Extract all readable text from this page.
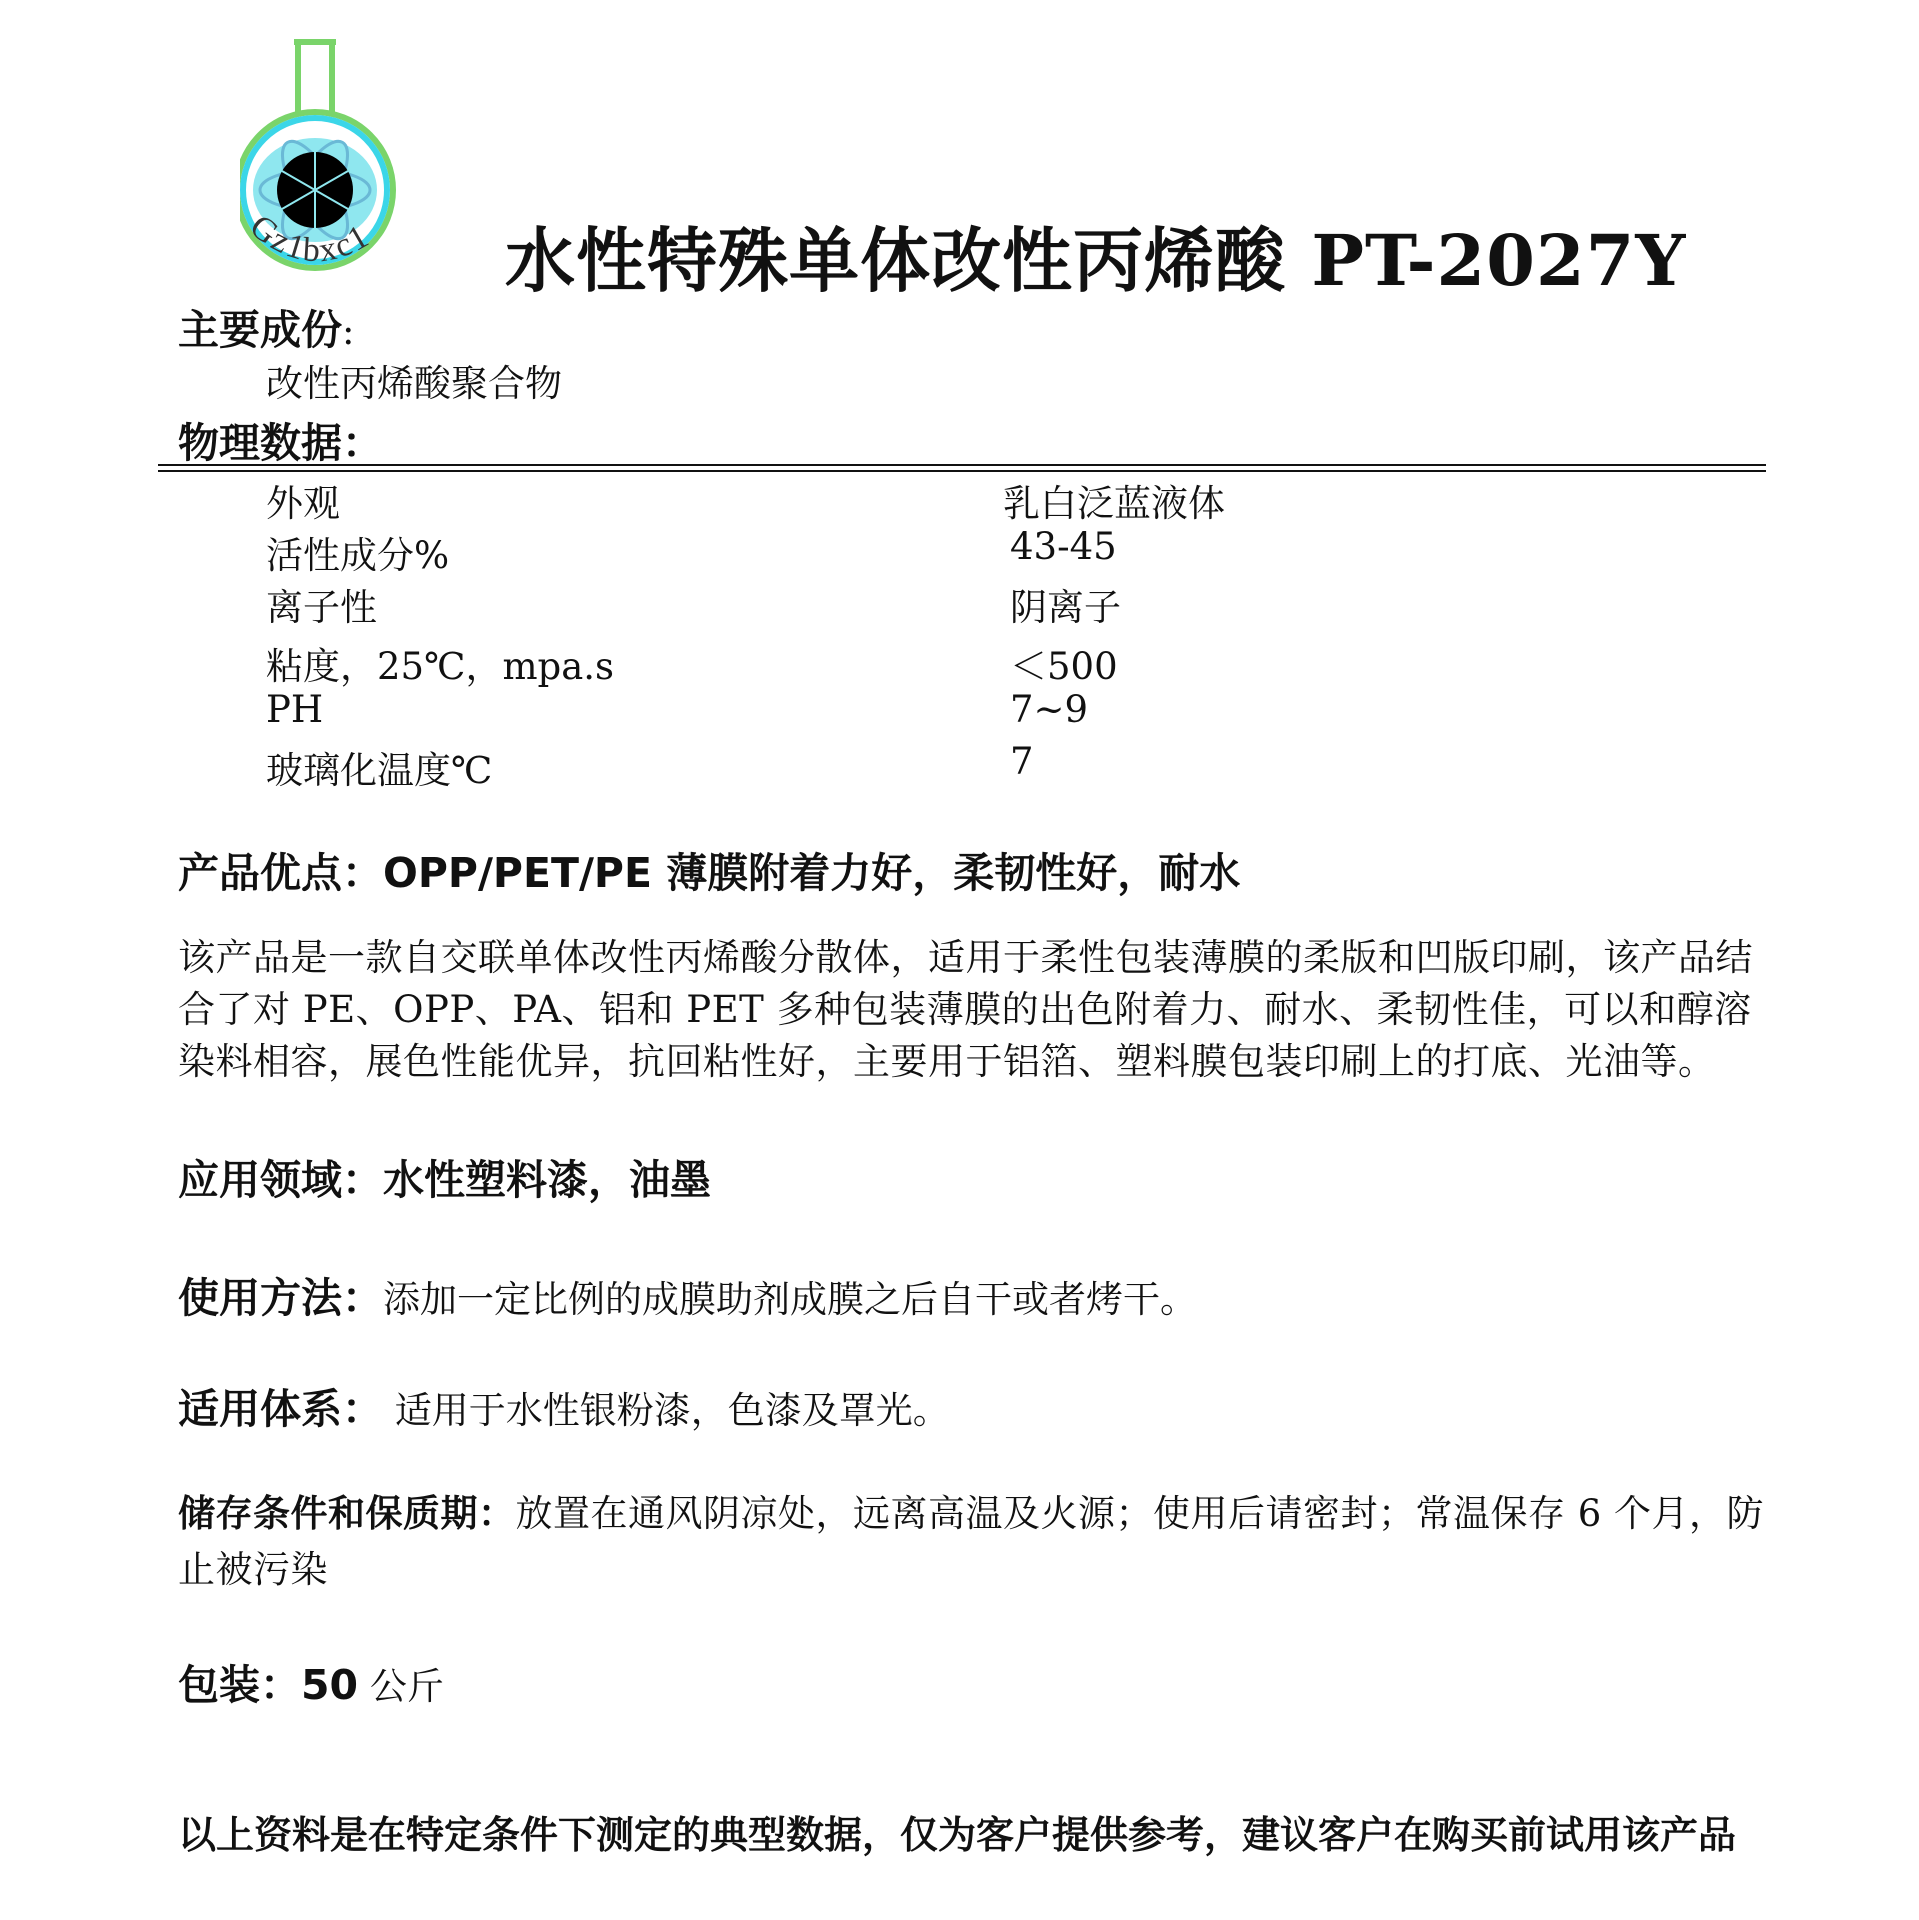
Gz1bxc1 水性特殊单体改性丙烯酸 PT-2027Y
主要成份:
改性丙烯酸聚合物
物理数据：
外观	乳白泛蓝液体
活性成分%	43-45
离子性	阴离子
粘度，25℃，mpa.s	＜500
PH	7~9
玻璃化温度℃	7
产品优点：OPP/PET/PE 薄膜附着力好，柔韧性好，耐水
该产品是一款自交联单体改性丙烯酸分散体，适用于柔性包装薄膜的柔版和凹版印刷，该产品结合了对 PE、OPP、PA、铝和 PET 多种包装薄膜的出色附着力、耐水、柔韧性佳，可以和醇溶染料相容，展色性能优异，抗回粘性好，主要用于铝箔、塑料膜包装印刷上的打底、光油等。
应用领域：水性塑料漆，油墨
使用方法：添加一定比例的成膜助剂成膜之后自干或者烤干。
适用体系： 适用于水性银粉漆，色漆及罩光。
储存条件和保质期：放置在通风阴凉处，远离高温及火源；使用后请密封；常温保存 6 个月，防止被污染
包装：50 公斤
以上资料是在特定条件下测定的典型数据，仅为客户提供参考，建议客户在购买前试用该产品
